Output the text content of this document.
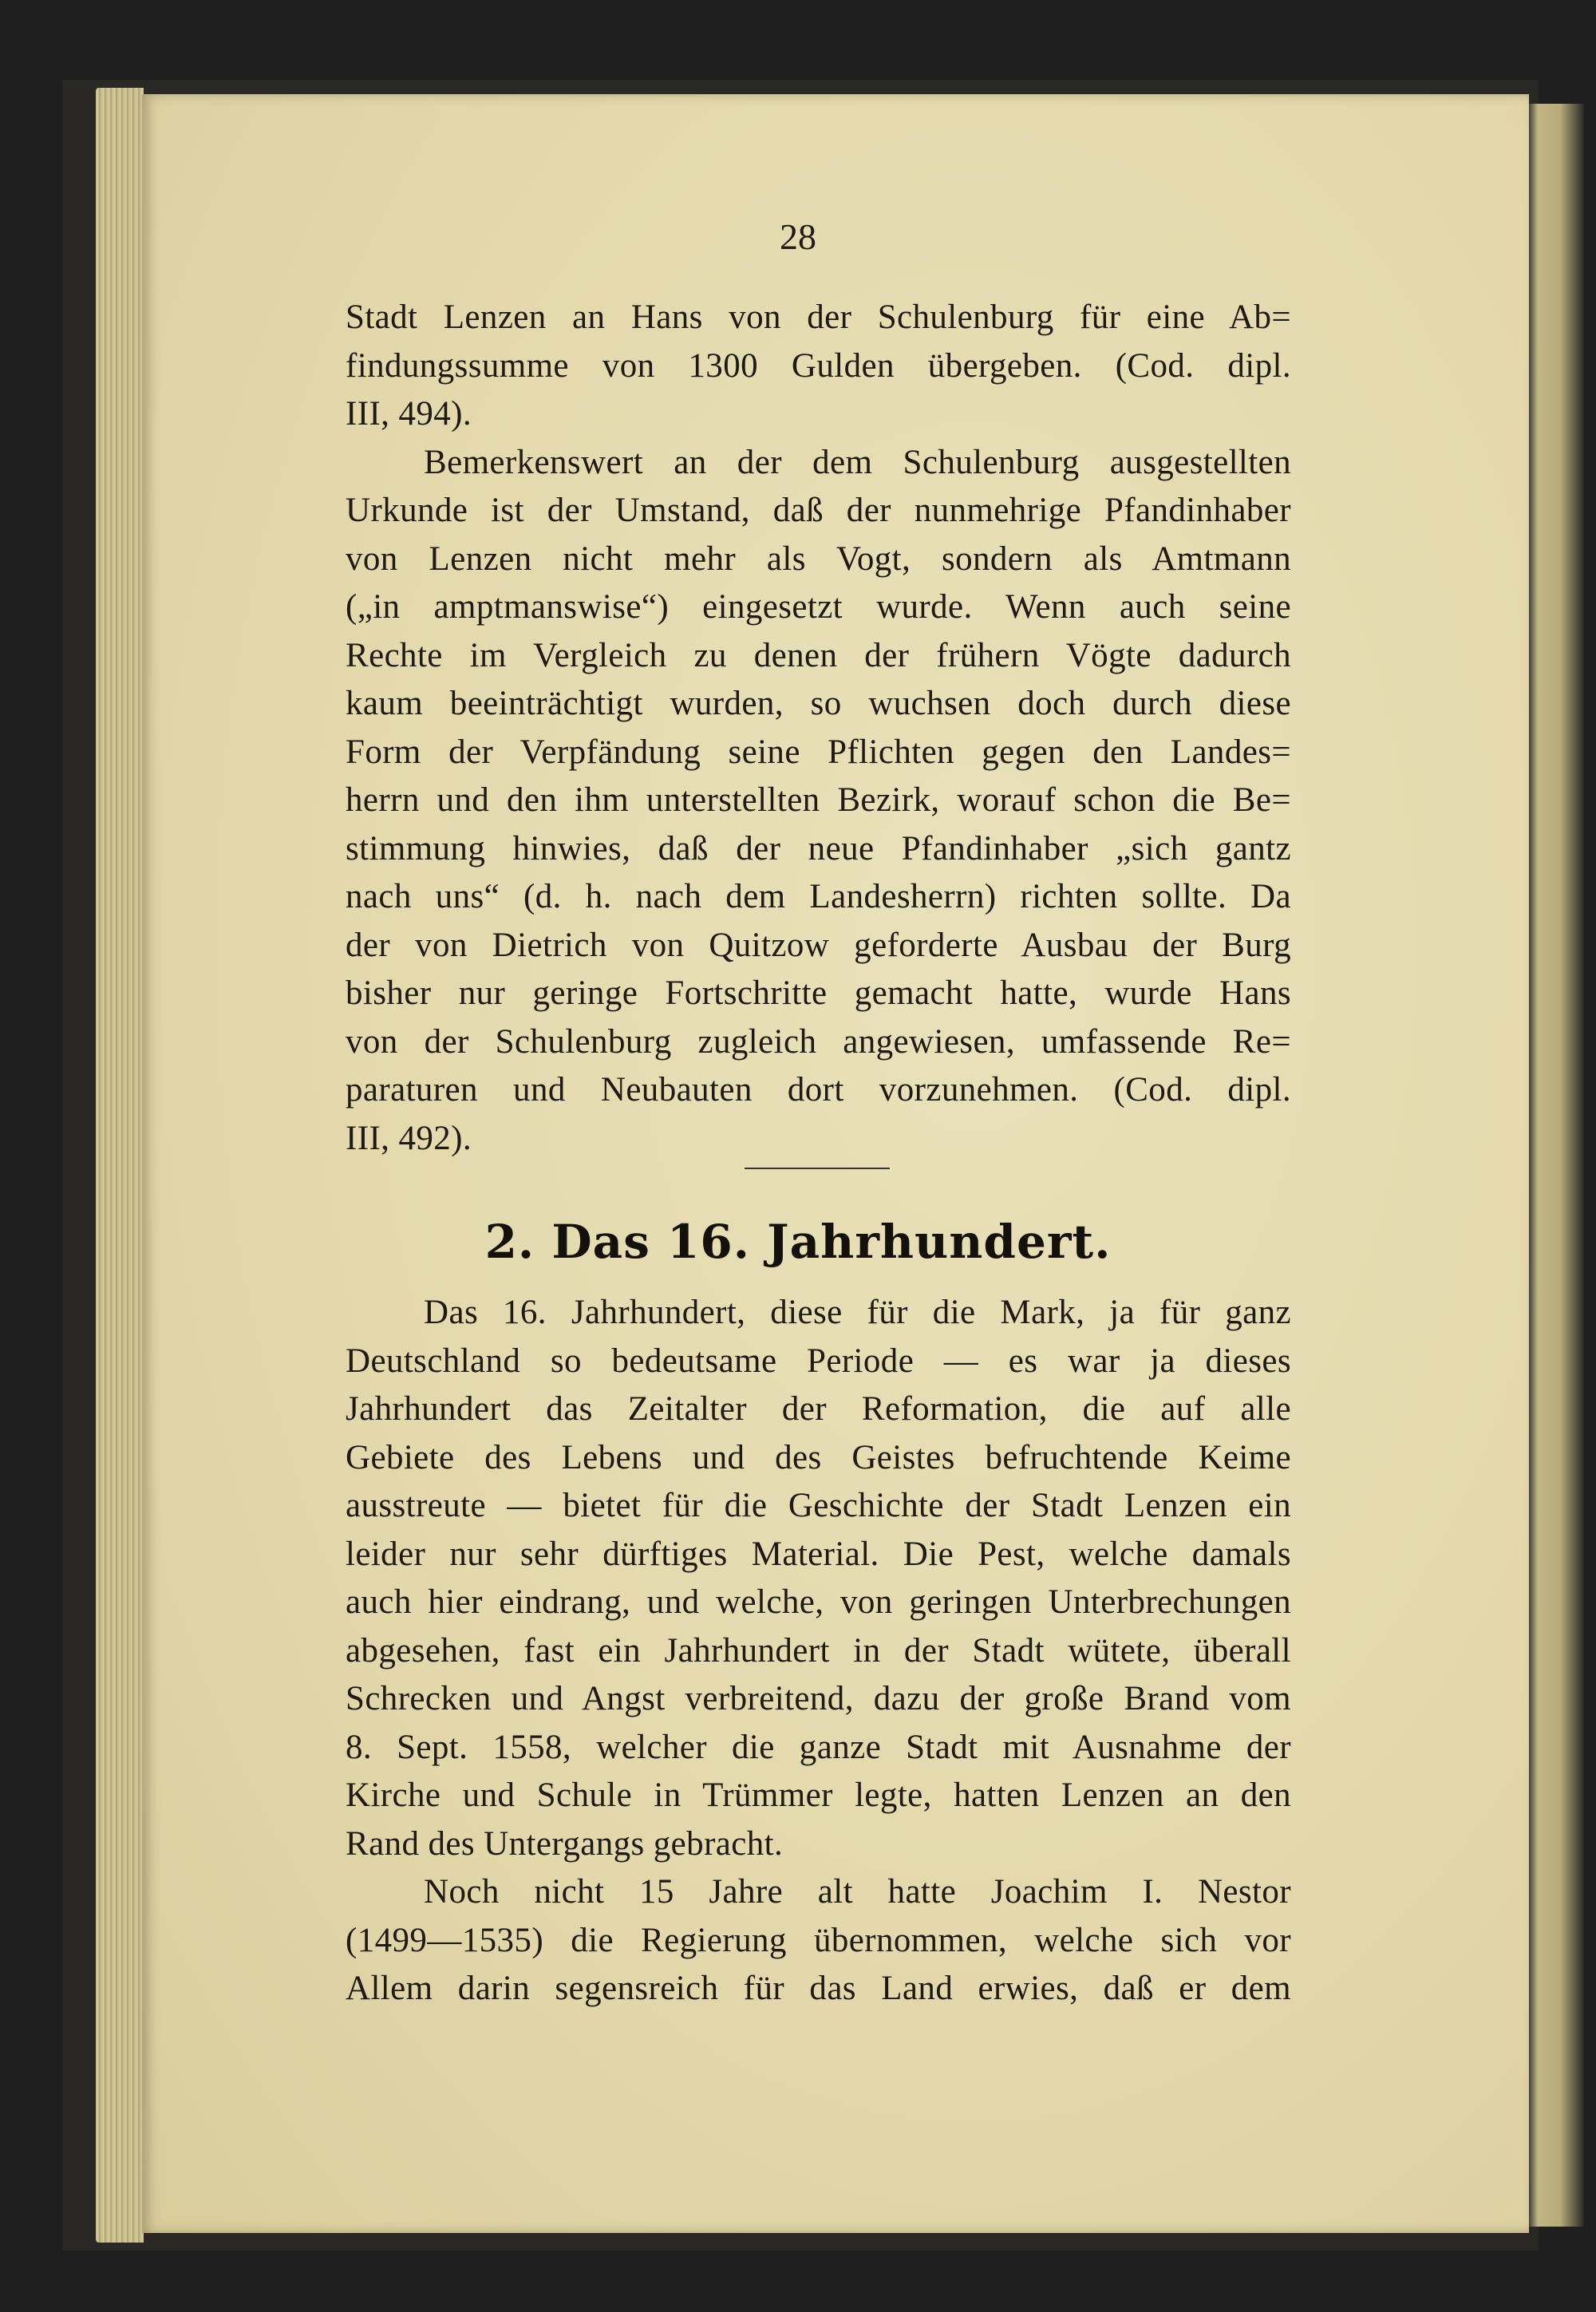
28
Stadt Lenzen an Hans von der Schulenburg für eine Ab=
findungssumme von 1300 Gulden übergeben. (Cod. dipl.
III, 494).
Bemerkenswert an der dem Schulenburg ausgestellten
Urkunde ist der Umstand, daß der nunmehrige Pfandinhaber
von Lenzen nicht mehr als Vogt, sondern als Amtmann
(„in amptmanswise“) eingesetzt wurde. Wenn auch seine
Rechte im Vergleich zu denen der frühern Vögte dadurch
kaum beeinträchtigt wurden, so wuchsen doch durch diese
Form der Verpfändung seine Pflichten gegen den Landes=
herrn und den ihm unterstellten Bezirk, worauf schon die Be=
stimmung hinwies, daß der neue Pfandinhaber „sich gantz
nach uns“ (d. h. nach dem Landesherrn) richten sollte. Da
der von Dietrich von Quitzow geforderte Ausbau der Burg
bisher nur geringe Fortschritte gemacht hatte, wurde Hans
von der Schulenburg zugleich angewiesen, umfassende Re=
paraturen und Neubauten dort vorzunehmen. (Cod. dipl.
III, 492).
2. Das 16. Jahrhundert.
Das 16. Jahrhundert, diese für die Mark, ja für ganz
Deutschland so bedeutsame Periode — es war ja dieses
Jahrhundert das Zeitalter der Reformation, die auf alle
Gebiete des Lebens und des Geistes befruchtende Keime
ausstreute — bietet für die Geschichte der Stadt Lenzen ein
leider nur sehr dürftiges Material. Die Pest, welche damals
auch hier eindrang, und welche, von geringen Unterbrechungen
abgesehen, fast ein Jahrhundert in der Stadt wütete, überall
Schrecken und Angst verbreitend, dazu der große Brand vom
8. Sept. 1558, welcher die ganze Stadt mit Ausnahme der
Kirche und Schule in Trümmer legte, hatten Lenzen an den
Rand des Untergangs gebracht.
Noch nicht 15 Jahre alt hatte Joachim I. Nestor
(1499—1535) die Regierung übernommen, welche sich vor
Allem darin segensreich für das Land erwies, daß er dem
